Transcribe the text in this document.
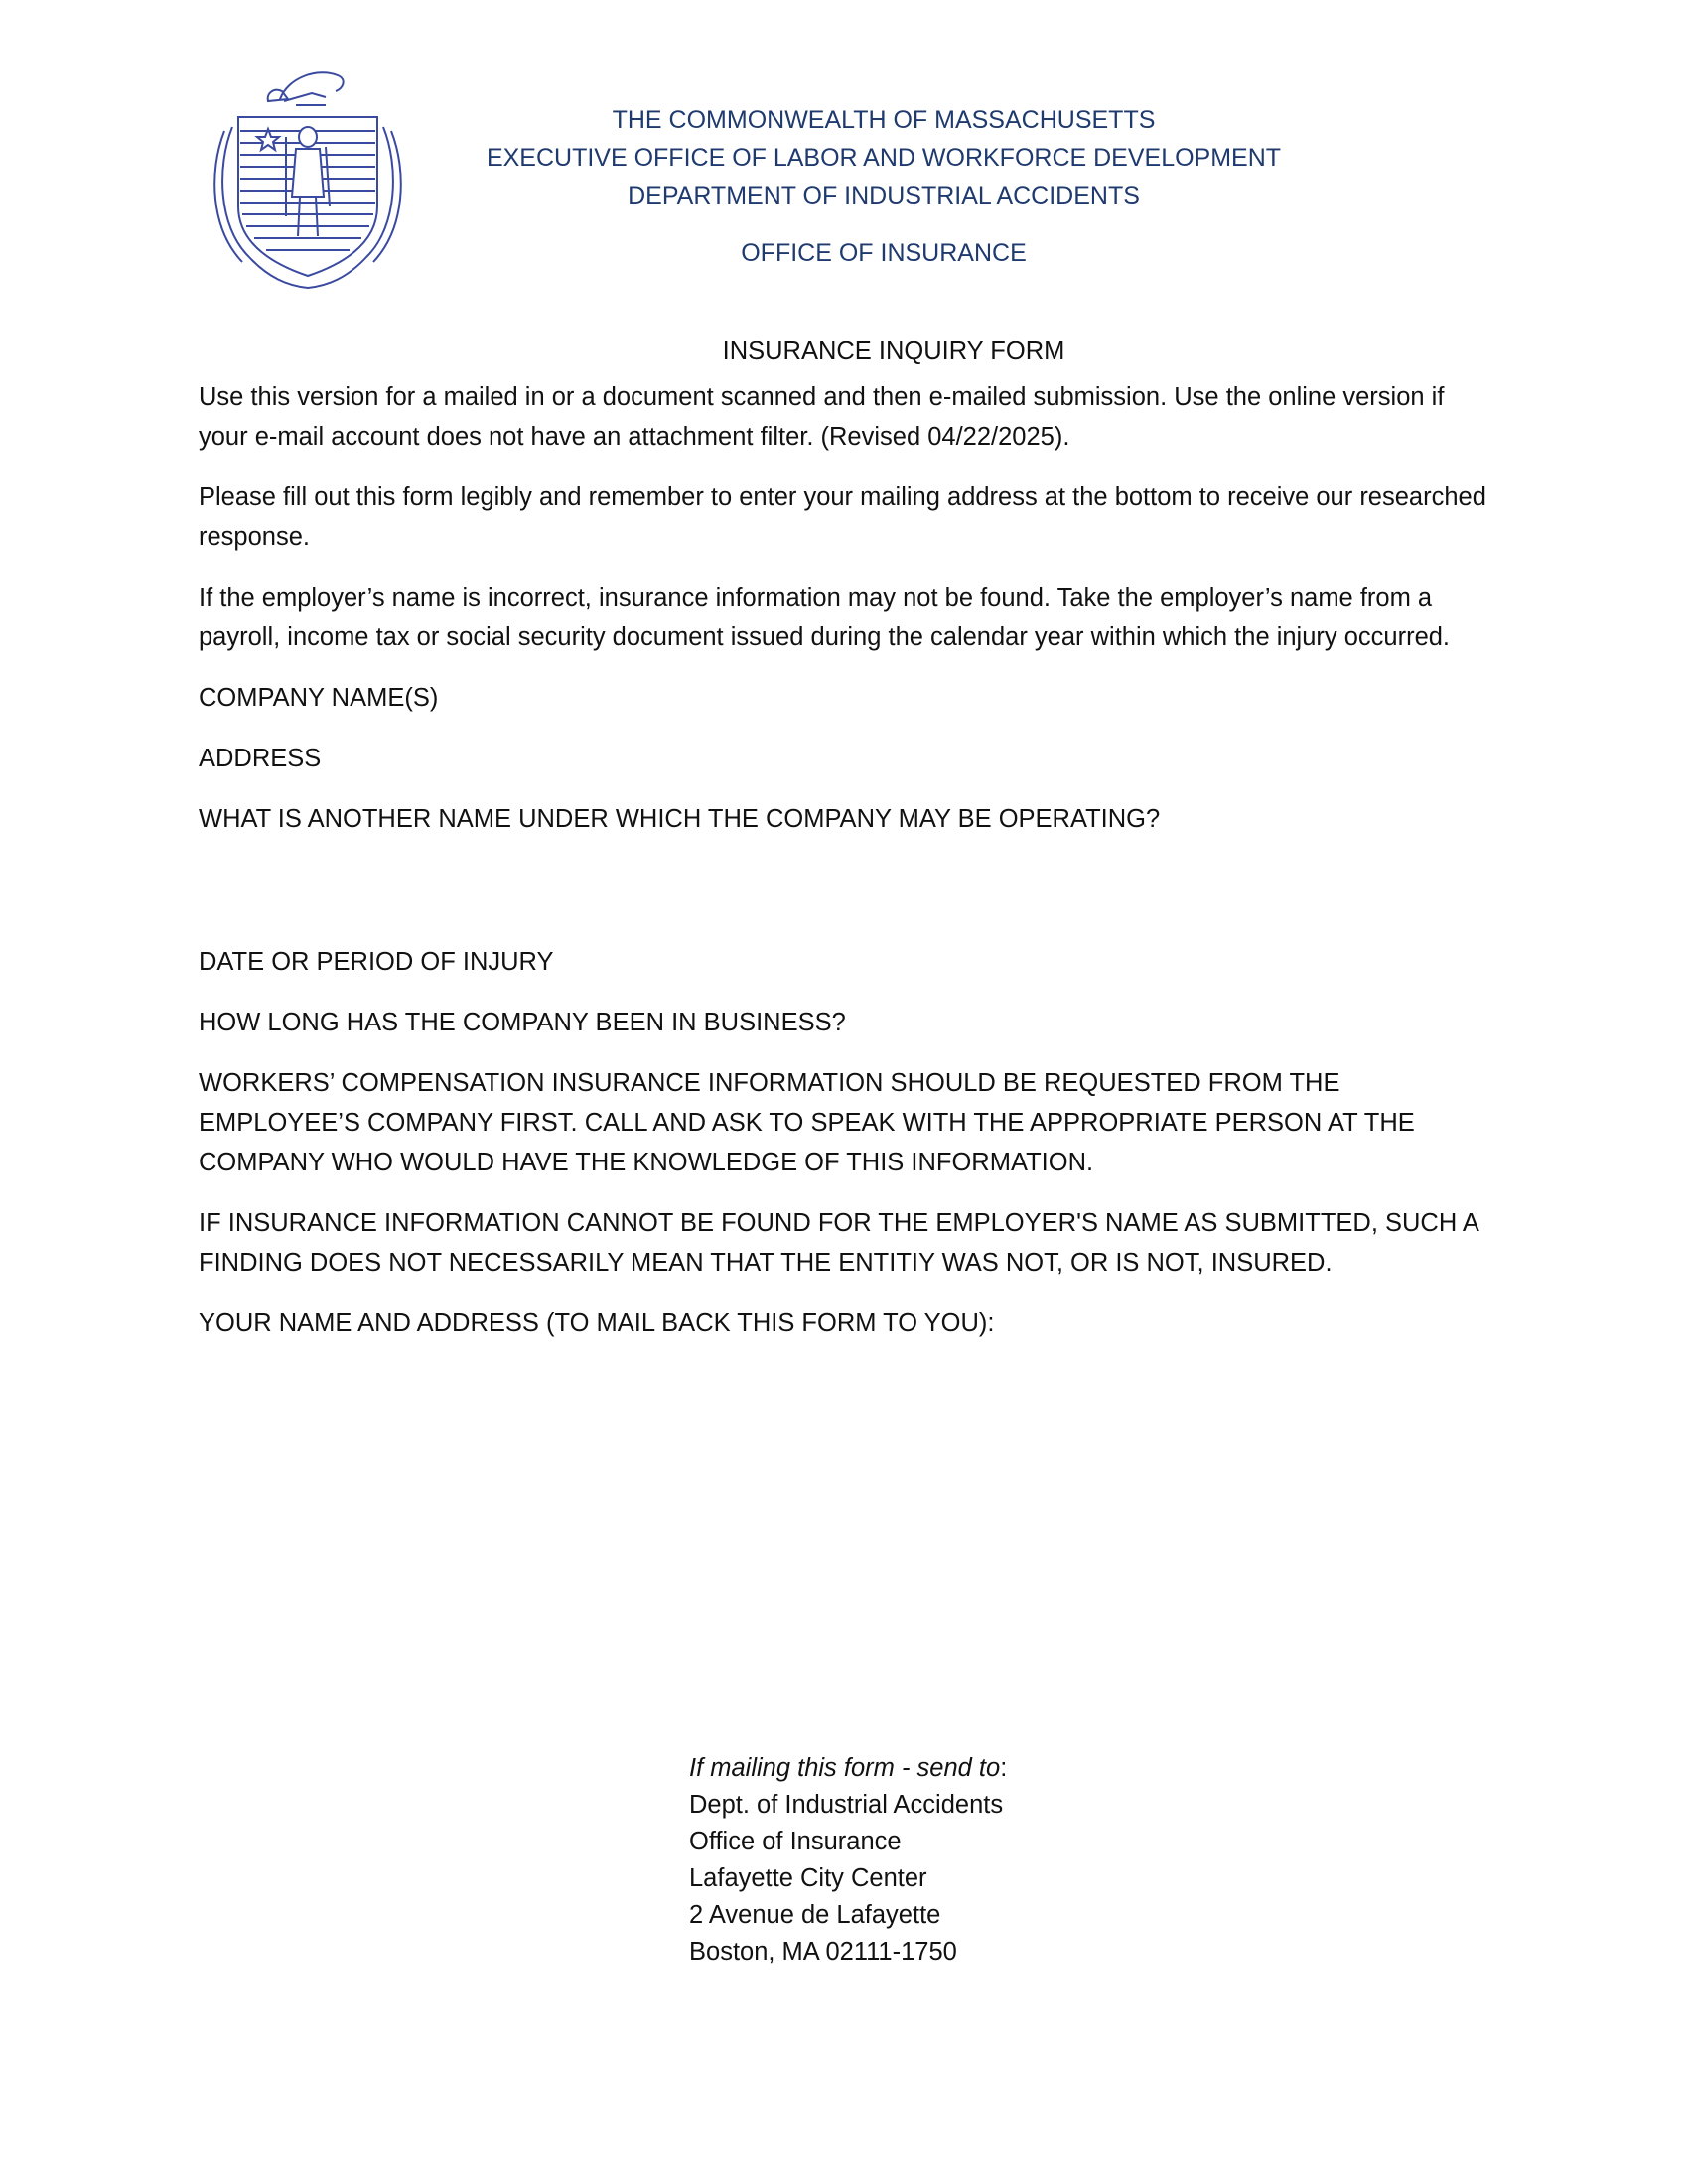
THE COMMONWEALTH OF MASSACHUSETTS
EXECUTIVE OFFICE OF LABOR AND WORKFORCE DEVELOPMENT
DEPARTMENT OF INDUSTRIAL ACCIDENTS
OFFICE OF INSURANCE
INSURANCE INQUIRY FORM

Use this version for a mailed in or a document scanned and then e-mailed submission. Use the online version if your e-mail account does not have an attachment filter. (Revised 04/22/2025).

Please fill out this form legibly and remember to enter your mailing address at the bottom to receive our researched response.

If the employer’s name is incorrect, insurance information may not be found. Take the employer’s name from a payroll, income tax or social security document issued during the calendar year within which the injury occurred.

COMPANY NAME(S)

ADDRESS

WHAT IS ANOTHER NAME UNDER WHICH THE COMPANY MAY BE OPERATING?

DATE OR PERIOD OF INJURY

HOW LONG HAS THE COMPANY BEEN IN BUSINESS?

WORKERS’ COMPENSATION INSURANCE INFORMATION SHOULD BE REQUESTED FROM THE EMPLOYEE’S COMPANY FIRST. CALL AND ASK TO SPEAK WITH THE APPROPRIATE PERSON AT THE COMPANY WHO WOULD HAVE THE KNOWLEDGE OF THIS INFORMATION.

IF INSURANCE INFORMATION CANNOT BE FOUND FOR THE EMPLOYER'S NAME AS SUBMITTED, SUCH A FINDING DOES NOT NECESSARILY MEAN THAT THE ENTITIY WAS NOT, OR IS NOT, INSURED.

YOUR NAME AND ADDRESS (TO MAIL BACK THIS FORM TO YOU):

If mailing this form - send to:
Dept. of Industrial Accidents
Office of Insurance
Lafayette City Center
2 Avenue de Lafayette
Boston, MA 02111-1750
